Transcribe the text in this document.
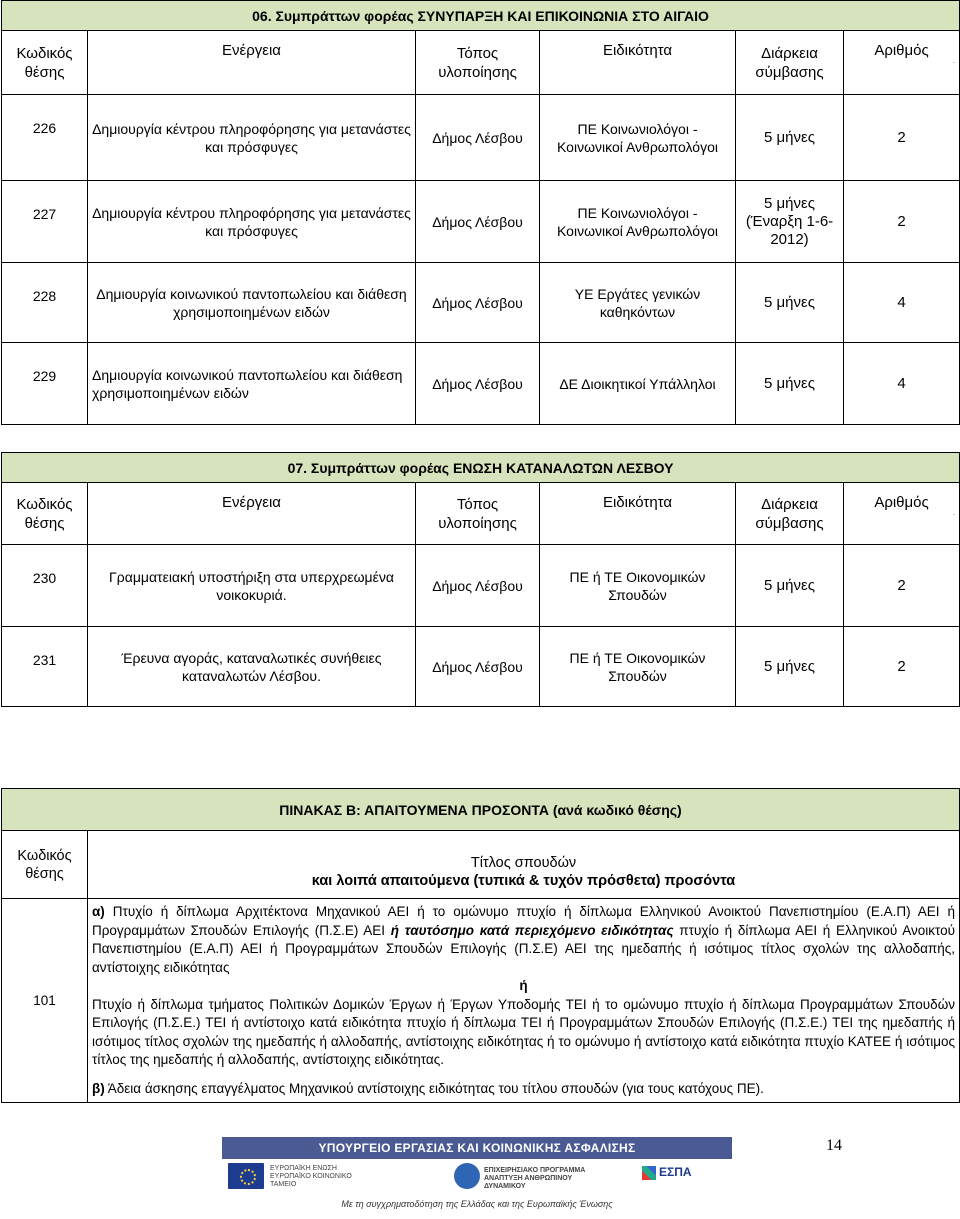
06. Συμπράττων φορέας ΣΥΝΥΠΑΡΞΗ ΚΑΙ ΕΠΙΚΟΙΝΩΝΙΑ ΣΤΟ ΑΙΓΑΙΟ					
Κωδικός θέσης	Ενέργεια	Τόπος υλοποίησης	Ειδικότητα	Διάρκεια σύμβασης	Αριθμός
-

226	Δημιουργία κέντρου πληροφόρησης για μετανάστες και πρόσφυγες	Δήμος Λέσβου	ΠΕ Κοινωνιολόγοι - Κοινωνικοί Ανθρωπολόγοι	5 μήνες	2
227	Δημιουργία κέντρου πληροφόρησης για μετανάστες και πρόσφυγες	Δήμος Λέσβου	ΠΕ Κοινωνιολόγοι - Κοινωνικοί Ανθρωπολόγοι	5 μήνες (Έναρξη 1-6-2012)	2
228	Δημιουργία κοινωνικού παντοπωλείου και διάθεση χρησιμοποιημένων ειδών	Δήμος Λέσβου	ΥΕ Εργάτες γενικών καθηκόντων	5 μήνες	4
229	Δημιουργία κοινωνικού παντοπωλείου και διάθεση χρησιμοποιημένων ειδών	Δήμος Λέσβου	ΔΕ Διοικητικοί Υπάλληλοι	5 μήνες	4
07. Συμπράττων φορέας ΕΝΩΣΗ ΚΑΤΑΝΑΛΩΤΩΝ ΛΕΣΒΟΥ					
Κωδικός θέσης	Ενέργεια	Τόπος υλοποίησης	Ειδικότητα	Διάρκεια σύμβασης	Αριθμός
-

230	Γραμματειακή υποστήριξη στα υπερχρεωμένα νοικοκυριά.	Δήμος Λέσβου	ΠΕ ή ΤΕ Οικονομικών Σπουδών	5 μήνες	2
231	Έρευνα αγοράς, καταναλωτικές συνήθειες καταναλωτών Λέσβου.	Δήμος Λέσβου	ΠΕ ή ΤΕ Οικονομικών Σπουδών	5 μήνες	2
ΠΙΝΑΚΑΣ Β: ΑΠΑΙΤΟΥΜΕΝΑ ΠΡΟΣΟΝΤΑ (ανά κωδικό θέσης)	
Κωδικός θέσης	Τίτλος σπουδών
και λοιπά απαιτούμενα (τυπικά & τυχόν πρόσθετα) προσόντα

101	α) Πτυχίο ή δίπλωμα Αρχιτέκτονα Μηχανικού ΑΕΙ ή το ομώνυμο πτυχίο ή δίπλωμα Ελληνικού Ανοικτού Πανεπιστημίου (Ε.Α.Π) ΑΕΙ ή Προγραμμάτων Σπουδών Επιλογής (Π.Σ.Ε) ΑΕΙ ή ταυτόσημο κατά περιεχόμενο ειδικότητας πτυχίο ή δίπλωμα ΑΕΙ ή Ελληνικού Ανοικτού Πανεπιστημίου (Ε.Α.Π) ΑΕΙ ή Προγραμμάτων Σπουδών Επιλογής (Π.Σ.Ε) ΑΕΙ της ημεδαπής ή ισότιμος τίτλος σχολών της αλλοδαπής, αντίστοιχης ειδικότητας

ή

Πτυχίο ή δίπλωμα τμήματος Πολιτικών Δομικών Έργων ή Έργων Υποδομής ΤΕΙ ή το ομώνυμο πτυχίο ή δίπλωμα Προγραμμάτων Σπουδών Επιλογής (Π.Σ.Ε.) ΤΕΙ ή αντίστοιχο κατά ειδικότητα πτυχίο ή δίπλωμα ΤΕΙ ή Προγραμμάτων Σπουδών Επιλογής (Π.Σ.Ε.) ΤΕΙ της ημεδαπής ή ισότιμος τίτλος σχολών της ημεδαπής ή αλλοδαπής, αντίστοιχης ειδικότητας ή το ομώνυμο ή αντίστοιχο κατά ειδικότητα πτυχίο ΚΑΤΕΕ ή ισότιμος τίτλος της ημεδαπής ή αλλοδαπής, αντίστοιχης ειδικότητας.

β) Άδεια άσκησης επαγγέλματος Μηχανικού αντίστοιχης ειδικότητας του τίτλου σπουδών (για τους κατόχους ΠΕ).

14
ΥΠΟΥΡΓΕΙΟ ΕΡΓΑΣΙΑΣ ΚΑΙ ΚΟΙΝΩΝΙΚΗΣ ΑΣΦΑΛΙΣΗΣ
ΕΥΡΩΠΑΪΚΗ ΕΝΩΣΗ ΕΥΡΩΠΑΪΚΟ ΚΟΙΝΩΝΙΚΟ ΤΑΜΕΙΟ
ΕΠΙΧΕΙΡΗΣΙΑΚΟ ΠΡΟΓΡΑΜΜΑ ΑΝΑΠΤΥΞΗ ΑΝΘΡΩΠΙΝΟΥ ΔΥΝΑΜΙΚΟΥ
ΕΣΠΑ
Με τη συγχρηματοδότηση της Ελλάδας και της Ευρωπαϊκής Ένωσης
